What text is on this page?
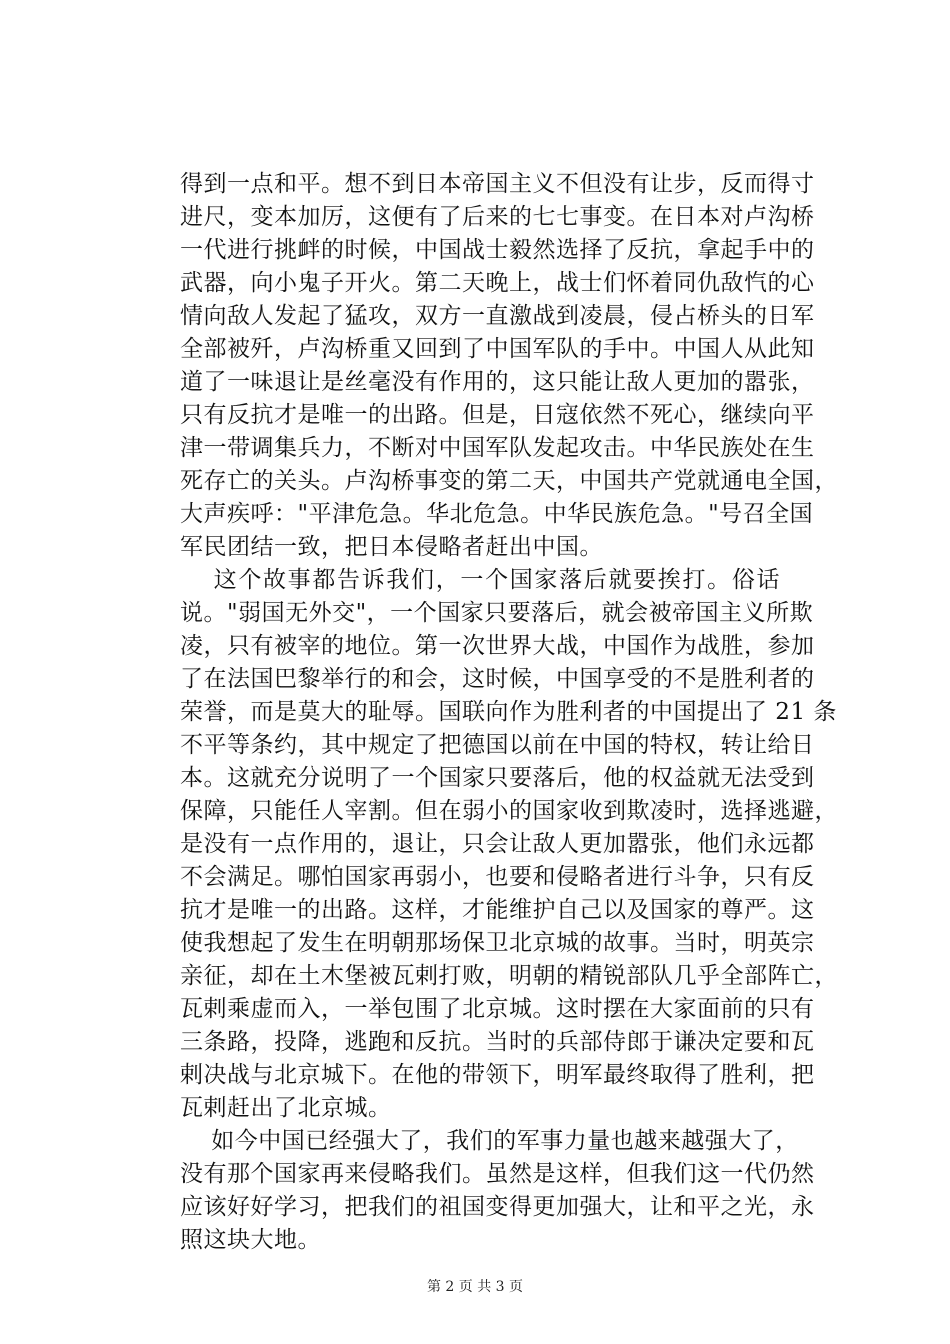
得到一点和平。想不到日本帝国主义不但没有让步，反而得寸
进尺，变本加厉，这便有了后来的七七事变。在日本对卢沟桥
一代进行挑衅的时候，中国战士毅然选择了反抗，拿起手中的
武器，向小鬼子开火。第二天晚上，战士们怀着同仇敌忾的心
情向敌人发起了猛攻，双方一直激战到凌晨，侵占桥头的日军
全部被歼，卢沟桥重又回到了中国军队的手中。中国人从此知
道了一味退让是丝毫没有作用的，这只能让敌人更加的嚣张，
只有反抗才是唯一的出路。但是，日寇依然不死心，继续向平
津一带调集兵力，不断对中国军队发起攻击。中华民族处在生
死存亡的关头。卢沟桥事变的第二天，中国共产党就通电全国，
大声疾呼："平津危急。华北危急。中华民族危急。"号召全国
军民团结一致，把日本侵略者赶出中国。
　 这个故事都告诉我们，一个国家落后就要挨打。俗话
说。"弱国无外交"，一个国家只要落后，就会被帝国主义所欺
凌，只有被宰的地位。第一次世界大战，中国作为战胜，参加
了在法国巴黎举行的和会，这时候，中国享受的不是胜利者的
荣誉，而是莫大的耻辱。国联向作为胜利者的中国提出了 21 条
不平等条约，其中规定了把德国以前在中国的特权，转让给日
本。这就充分说明了一个国家只要落后，他的权益就无法受到
保障，只能任人宰割。但在弱小的国家收到欺凌时，选择逃避，
是没有一点作用的，退让，只会让敌人更加嚣张，他们永远都
不会满足。哪怕国家再弱小，也要和侵略者进行斗争，只有反
抗才是唯一的出路。这样，才能维护自己以及国家的尊严。这
使我想起了发生在明朝那场保卫北京城的故事。当时，明英宗
亲征，却在土木堡被瓦剌打败，明朝的精锐部队几乎全部阵亡，
瓦剌乘虚而入，一举包围了北京城。这时摆在大家面前的只有
三条路，投降，逃跑和反抗。当时的兵部侍郎于谦决定要和瓦
剌决战与北京城下。在他的带领下，明军最终取得了胜利，把
瓦剌赶出了北京城。
　 如今中国已经强大了，我们的军事力量也越来越强大了，
没有那个国家再来侵略我们。虽然是这样，但我们这一代仍然
应该好好学习，把我们的祖国变得更加强大，让和平之光，永
照这块大地。
第 2 页 共 3 页
